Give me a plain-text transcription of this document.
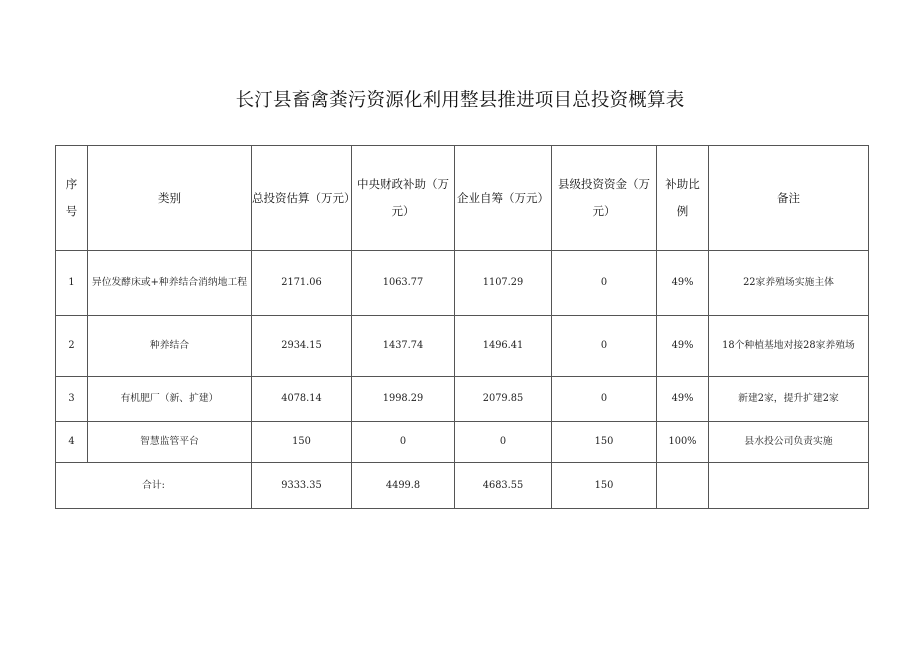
长汀县畜禽粪污资源化利用整县推进项目总投资概算表
序号	类别	总投资估算（万元）	中央财政补助（万元）	企业自筹（万元）	县级投资资金（万元）	补助比例	备注
1	异位发酵床或+种养结合消纳地工程	2171.06	1063.77	1107.29	0	49%	22家养殖场实施主体
2	种养结合	2934.15	1437.74	1496.41	0	49%	18个种植基地对接28家养殖场
3	有机肥厂（新、扩建）	4078.14	1998.29	2079.85	0	49%	新建2家，提升扩建2家
4	智慧监管平台	150	0	0	150	100%	县水投公司负责实施
合计:		9333.35	4499.8	4683.55	150		
